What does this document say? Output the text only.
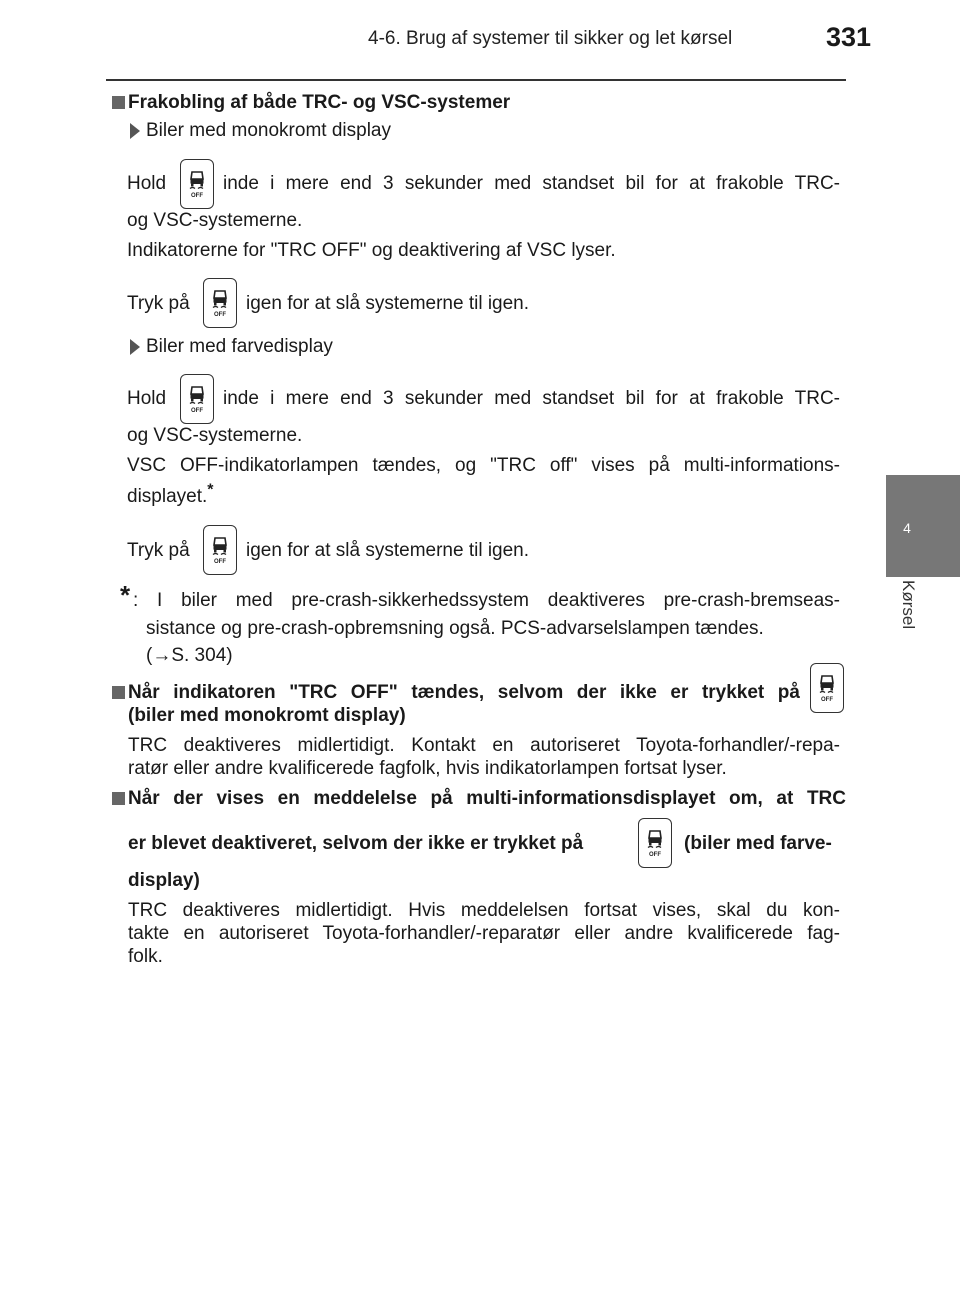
4-6. Brug af systemer til sikker og let kørsel	331
4
Kørsel
Frakobling af både TRC- og VSC-systemer
Biler med monokromt display
Hold	inde i mere end 3 sekunder med standset bil for at frakoble TRC-
og VSC-systemerne.
Indikatorerne for "TRC OFF" og deaktivering af VSC lyser.
Tryk på	igen for at slå systemerne til igen.
Biler med farvedisplay
Hold	inde i mere end 3 sekunder med standset bil for at frakoble TRC-
og VSC-systemerne.
VSC OFF-indikatorlampen tændes, og "TRC off" vises på multi-informations-
displayet.*
Tryk på	igen for at slå systemerne til igen.
* : I biler med pre-crash-sikkerhedssystem deaktiveres pre-crash-bremseas-
sistance og pre-crash-opbremsning også. PCS-advarselslampen tændes.
(→S. 304)
Når indikatoren "TRC OFF" tændes, selvom der ikke er trykket på
(biler med monokromt display)
TRC deaktiveres midlertidigt. Kontakt en autoriseret Toyota-forhandler/-repa-
ratør eller andre kvalificerede fagfolk, hvis indikatorlampen fortsat lyser.
Når der vises en meddelelse på multi-informationsdisplayet om, at TRC
er blevet deaktiveret, selvom der ikke er trykket på	(biler med farve-
display)
TRC deaktiveres midlertidigt. Hvis meddelelsen fortsat vises, skal du kon-
takte en autoriseret Toyota-forhandler/-reparatør eller andre kvalificerede fag-
folk.
